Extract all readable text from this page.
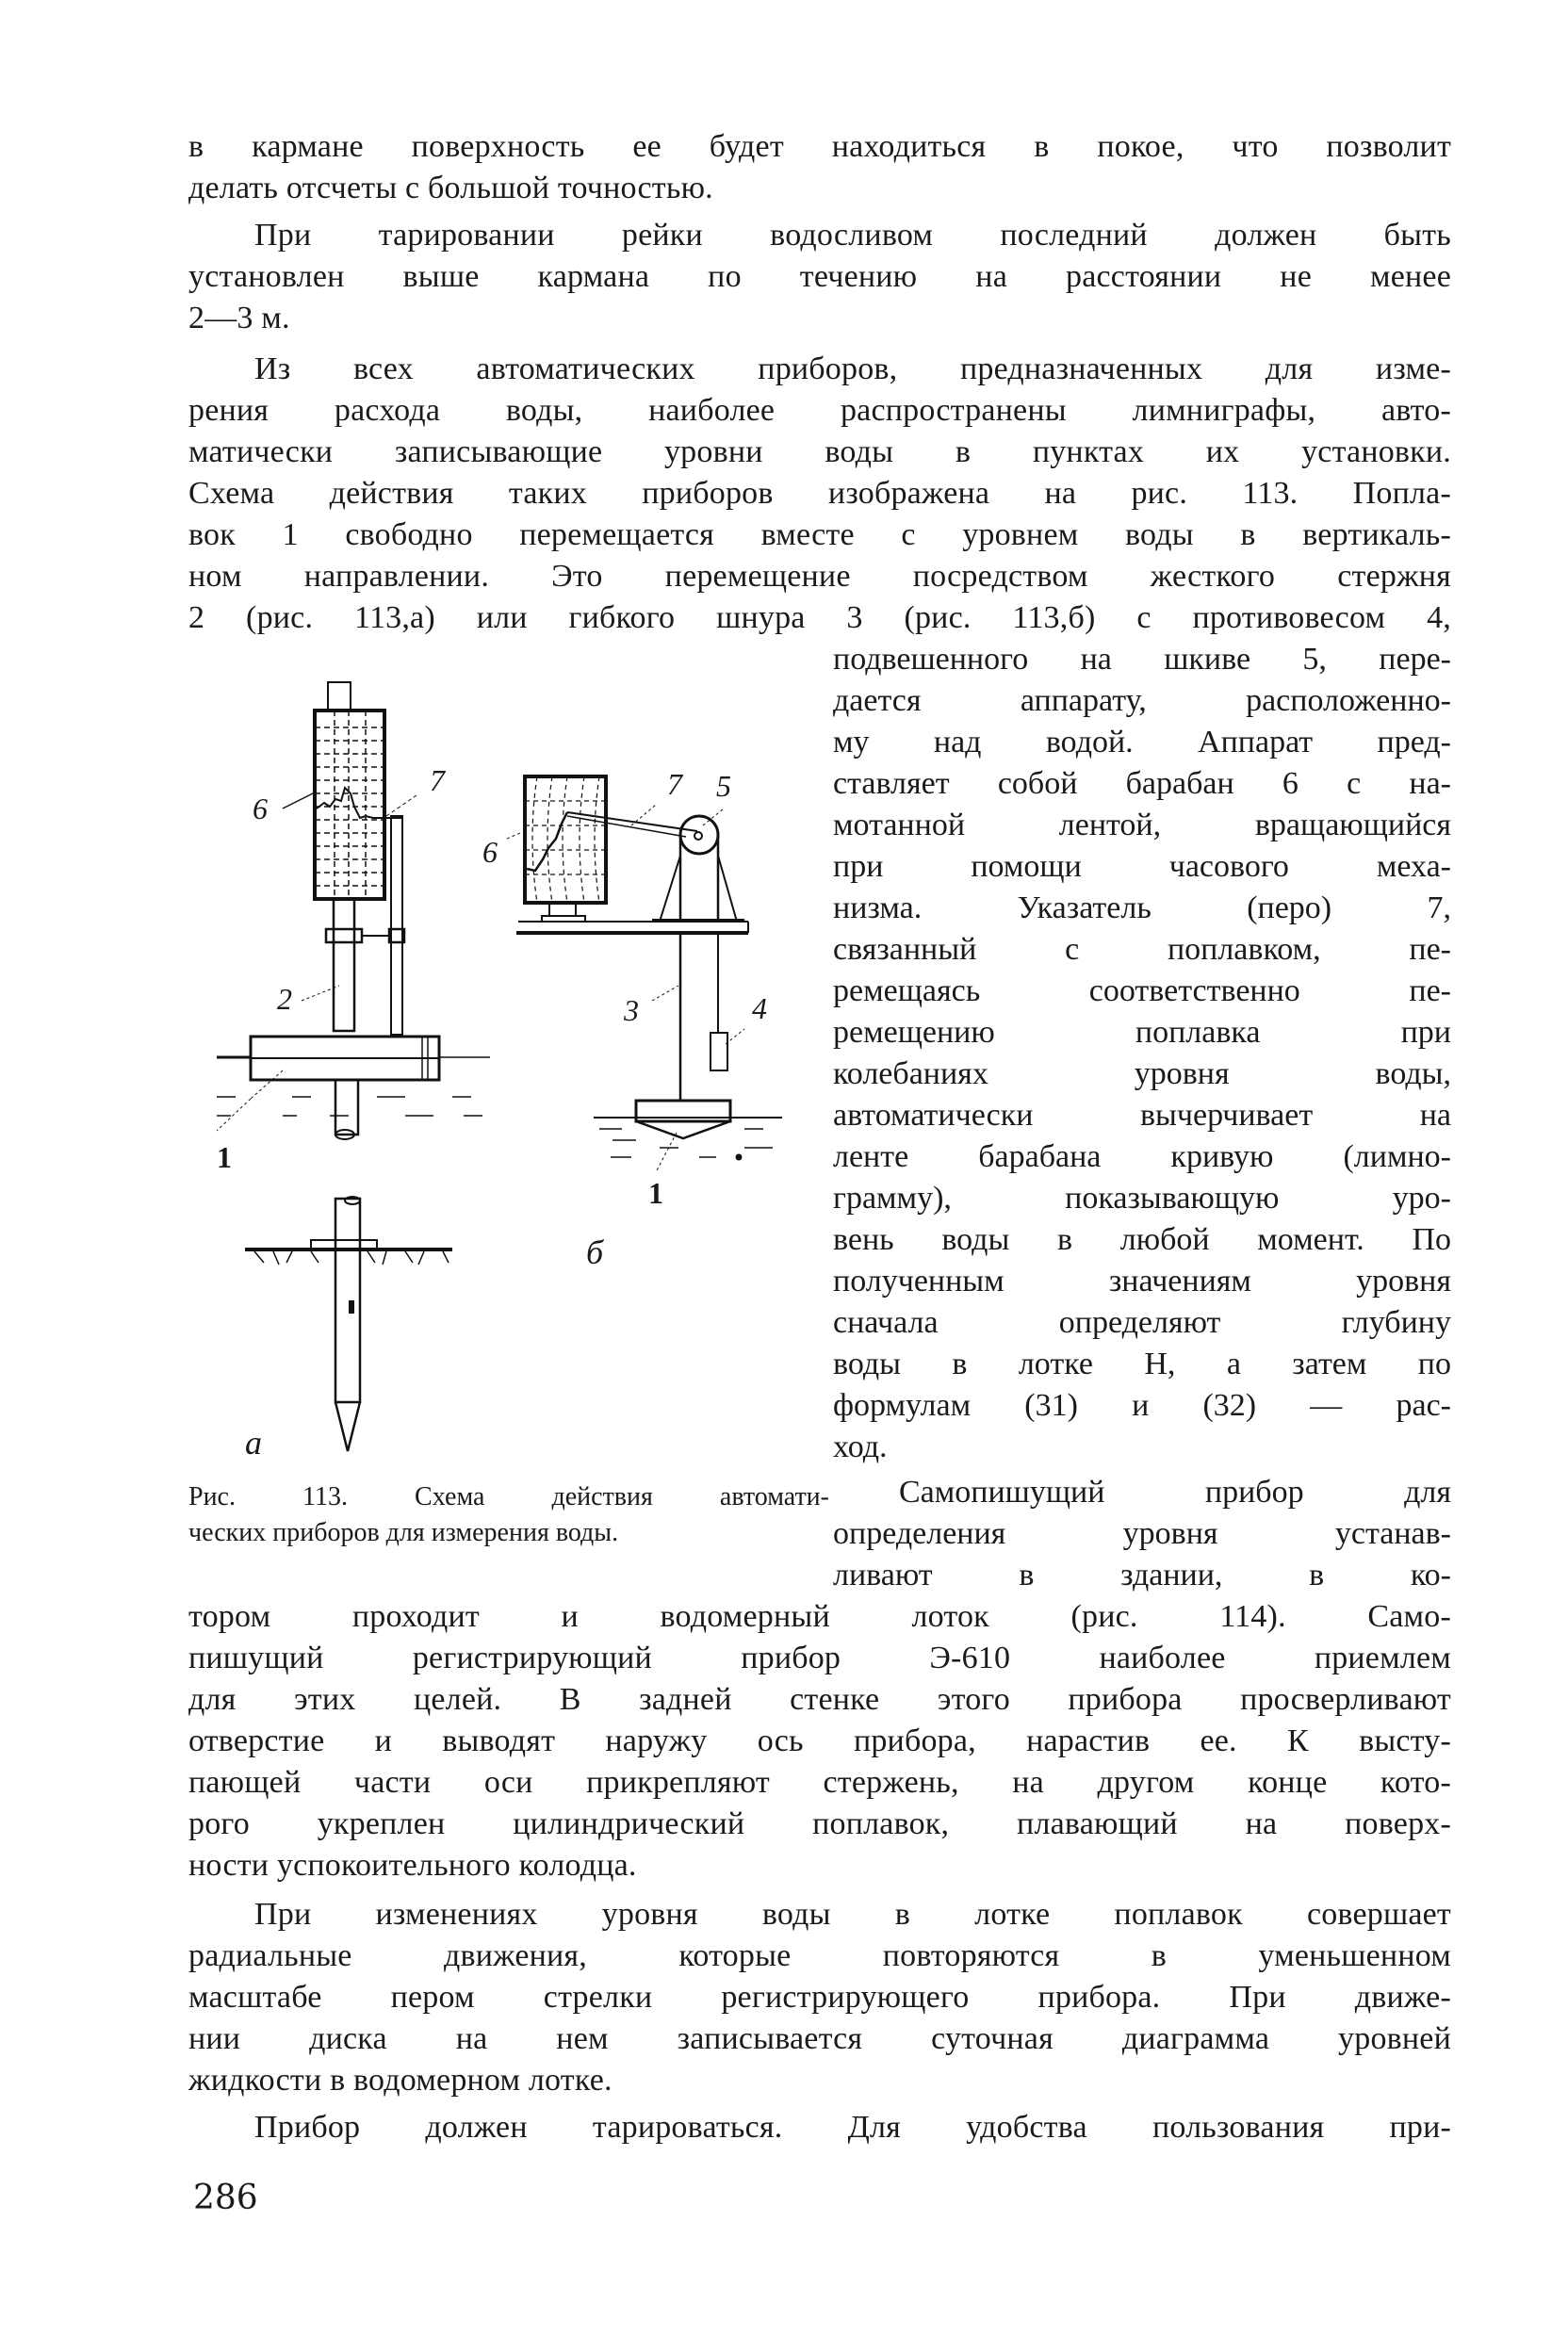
в кармане поверхность ее будет находиться в покое, что позволит
делать отсчеты с большой точностью.
При тарировании рейки водосливом последний должен быть
установлен выше кармана по течению на расстоянии не менее
2—3 м.
Из всех автоматических приборов, предназначенных для изме-
рения расхода воды, наиболее распространены лимниграфы, авто-
матически записывающие уровни воды в пунктах их установки.
Схема действия таких приборов изображена на рис. 113. Попла-
вок 1 свободно перемещается вместе с уровнем воды в вертикаль-
ном направлении. Это перемещение посредством жесткого стержня
2 (рис. 113,а) или гибкого шнура 3 (рис. 113,б) с противовесом 4,
подвешенного на шкиве 5, пере-
дается аппарату, расположенно-
му над водой. Аппарат пред-
ставляет собой барабан 6 с на-
мотанной лентой, вращающийся
при помощи часового меха-
низма. Указатель (перо) 7,
связанный с поплавком, пе-
ремещаясь соответственно пе-
ремещению поплавка при
колебаниях уровня воды,
автоматически вычерчивает на
ленте барабана кривую (лимно-
грамму), показывающую уро-
вень воды в любой момент. По
полученным значениям уровня
сначала определяют глубину
воды в лотке H, а затем по
формулам (31) и (32) — рас-
ход.
Самопишущий прибор для
определения уровня устанав-
ливают в здании, в ко-
6
7
2
1
а
6
7 5
3	4
1
б
Рис. 113. Схема действия автомати-
ческих приборов для измерения воды.
тором проходит и водомерный лоток (рис. 114). Само-
пишущий регистрирующий прибор Э-610 наиболее приемлем
для этих целей. В задней стенке этого прибора просверливают
отверстие и выводят наружу ось прибора, нарастив ее. К высту-
пающей части оси прикрепляют стержень, на другом конце кото-
рого укреплен цилиндрический поплавок, плавающий на поверх-
ности успокоительного колодца.
При изменениях уровня воды в лотке поплавок совершает
радиальные движения, которые повторяются в уменьшенном
масштабе пером стрелки регистрирующего прибора. При движе-
нии диска на нем записывается суточная диаграмма уровней
жидкости в водомерном лотке.
Прибор должен тарироваться. Для удобства пользования при-
286
